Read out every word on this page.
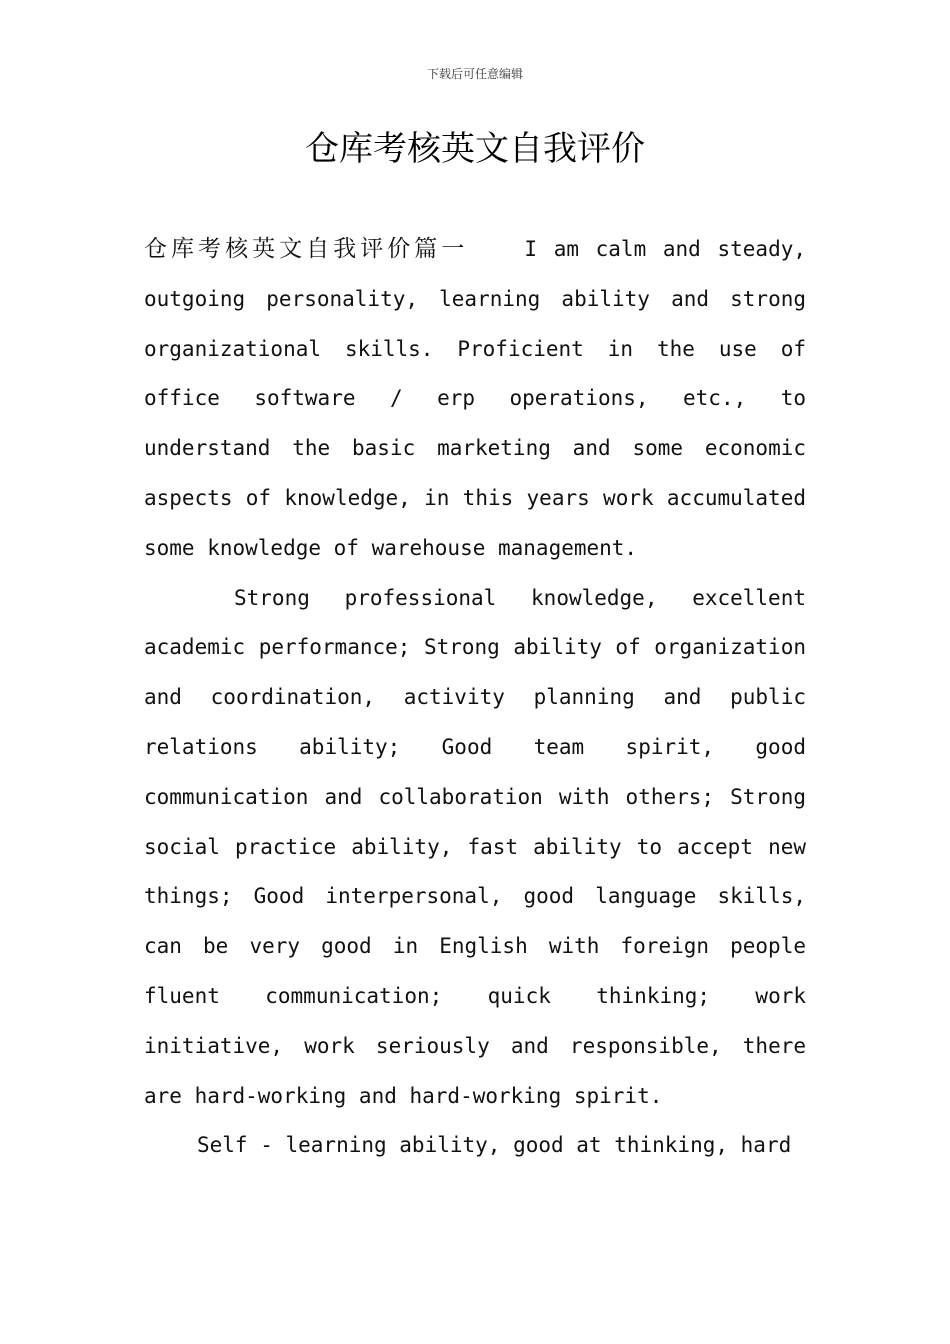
下载后可任意编辑
仓库考核英文自我评价

仓库考核英文自我评价篇一	I am calm and steady, outgoing personality, learning ability and strong organizational skills. Proficient in the use of office software / erp operations, etc., to understand the basic marketing and some economic aspects of knowledge, in this years work accumulated some knowledge of warehouse management.

Strong professional knowledge, excellent academic performance; Strong ability of organization and coordination, activity planning and public relations ability; Good team spirit, good communication and collaboration with others; Strong social practice ability, fast ability to accept new things; Good interpersonal, good language skills, can be very good in English with foreign people fluent communication; quick thinking; work initiative, work seriously and responsible, there are hard-working and hard-working spirit.

Self - learning ability, good at thinking, hard
